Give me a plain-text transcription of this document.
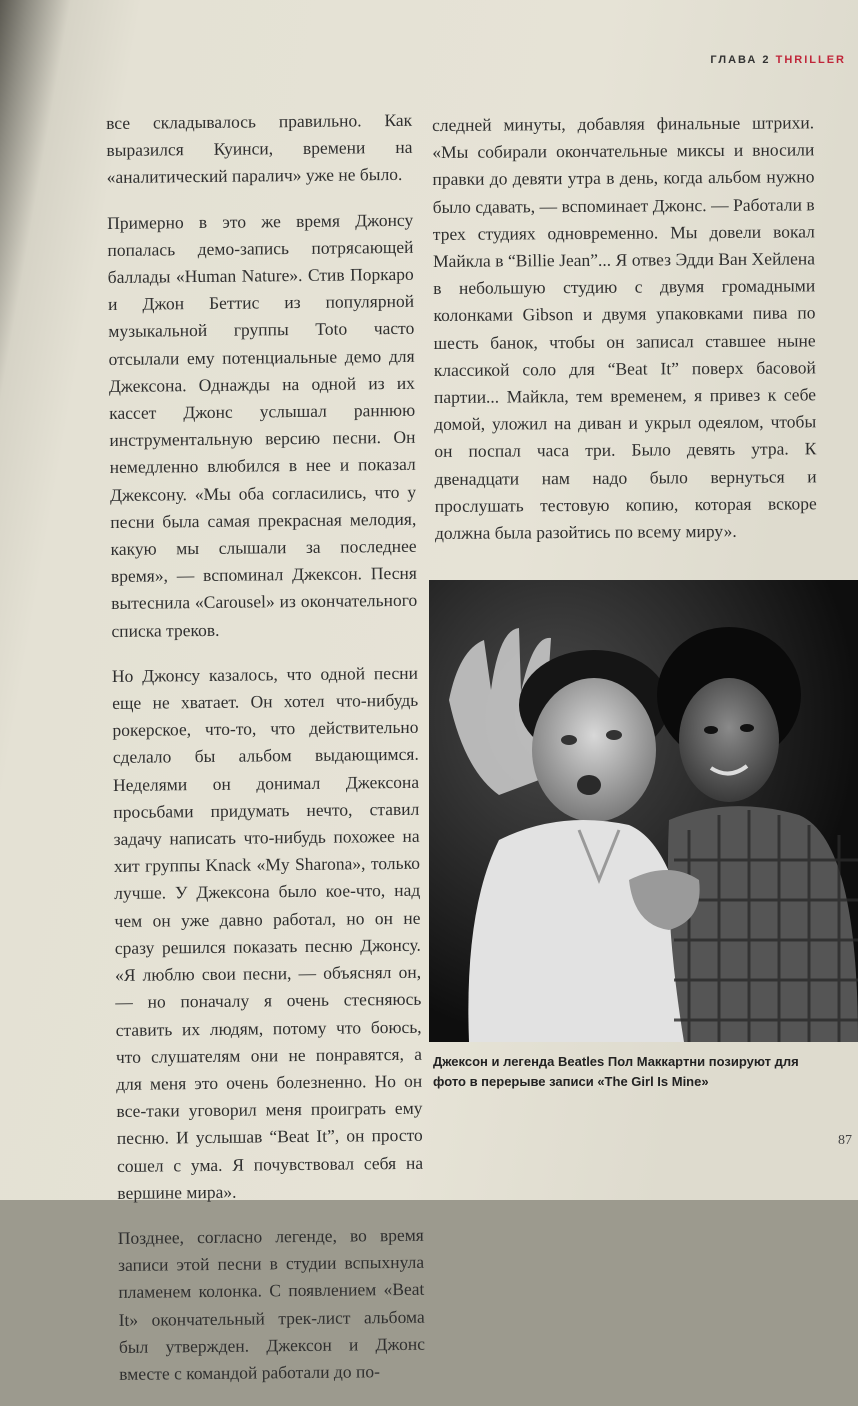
ГЛАВА 2 THRILLER

все складывалось правильно. Как выразился Куинси, времени на «аналитический паралич» уже не было.

Примерно в это же время Джонсу попалась демо-запись потрясающей баллады «Human Nature». Стив Поркаро и Джон Беттис из популярной музыкальной группы Toto часто отсылали ему потенциальные демо для Джексона. Однажды на одной из их кассет Джонс услышал раннюю инструментальную версию песни. Он немедленно влюбился в нее и показал Джексону. «Мы оба согласились, что у песни была самая прекрасная мелодия, какую мы слышали за последнее время», — вспоминал Джексон. Песня вытеснила «Carousel» из окончательного списка треков.

Но Джонсу казалось, что одной песни еще не хватает. Он хотел что-нибудь рокерское, что-то, что действительно сделало бы альбом выдающимся. Неделями он донимал Джексона просьбами придумать нечто, ставил задачу написать что-нибудь похожее на хит группы Knack «My Sharona», только лучше. У Джексона было кое-что, над чем он уже давно работал, но он не сразу решился показать песню Джонсу. «Я люблю свои песни, — объяснял он, — но поначалу я очень стесняюсь ставить их людям, потому что боюсь, что слушателям они не понравятся, а для меня это очень болезненно. Но он все-таки уговорил меня проиграть ему песню. И услышав “Beat It”, он просто сошел с ума. Я почувствовал себя на вершине мира».

Позднее, согласно легенде, во время записи этой песни в студии вспыхнула пламенем колонка. С появлением «Beat It» окончательный трек-лист альбома был утвержден. Джексон и Джонс вместе с командой работали до по-

следней минуты, добавляя финальные штрихи. «Мы собирали окончательные миксы и вносили правки до девяти утра в день, когда альбом нужно было сдавать, — вспоминает Джонс. — Работали в трех студиях одновременно. Мы довели вокал Майкла в “Billie Jean”... Я отвез Эдди Ван Хейлена в небольшую студию с двумя громадными колонками Gibson и двумя упаковками пива по шесть банок, чтобы он записал ставшее ныне классикой соло для “Beat It” поверх басовой партии... Майкла, тем временем, я привез к себе домой, уложил на диван и укрыл одеялом, чтобы он поспал часа три. Было девять утра. К двенадцати нам надо было вернуться и прослушать тестовую копию, которая вскоре должна была разойтись по всему миру».

Джексон и легенда Beatles Пол Маккартни позируют для фото в перерыве записи «The Girl Is Mine»
87
